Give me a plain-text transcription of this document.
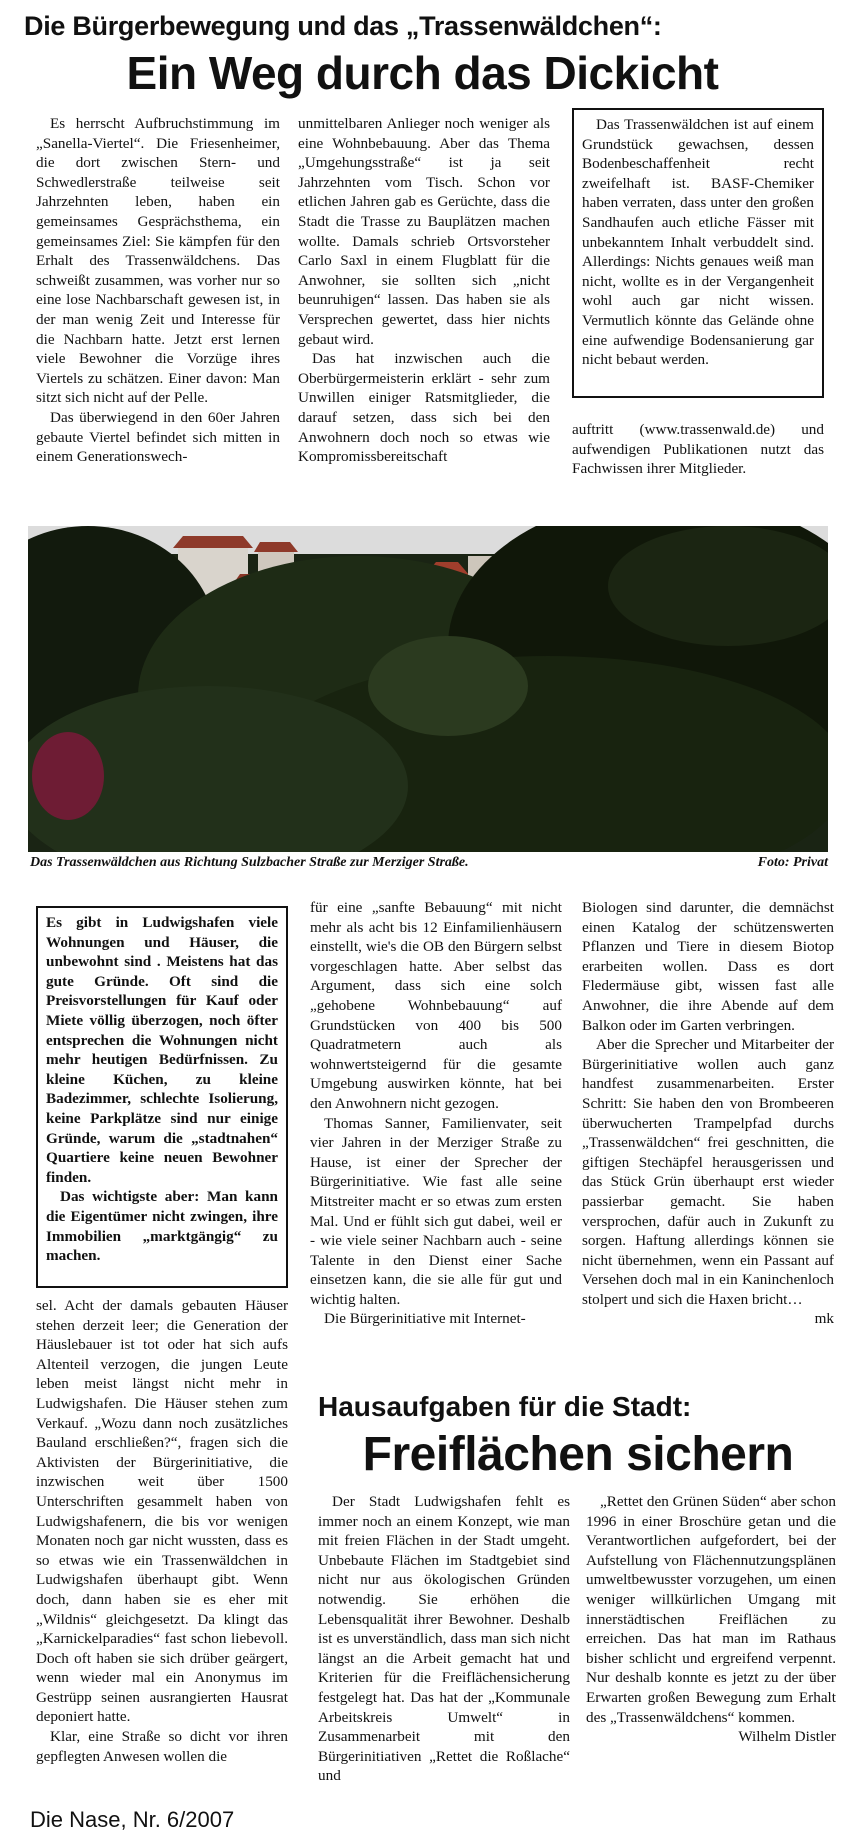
Die Bürgerbewegung und das „Trassenwäldchen“:
Ein Weg durch das Dickicht

Es herrscht Aufbruchstimmung im „Sanella-Viertel“. Die Friesenheimer, die dort zwischen Stern- und Schwedlerstraße teilweise seit Jahrzehnten leben, haben ein gemeinsames Gesprächsthema, ein gemeinsames Ziel: Sie kämpfen für den Erhalt des Trassenwäldchens. Das schweißt zusammen, was vorher nur so eine lose Nachbarschaft gewesen ist, in der man wenig Zeit und Interesse für die Nachbarn hatte. Jetzt erst lernen viele Bewohner die Vorzüge ihres Viertels zu schätzen. Einer davon: Man sitzt sich nicht auf der Pelle.

Das überwiegend in den 60er Jahren gebaute Viertel befindet sich mitten in einem Generationswech-

unmittelbaren Anlieger noch weniger als eine Wohnbebauung. Aber das Thema „Umgehungsstraße“ ist ja seit Jahrzehnten vom Tisch. Schon vor etlichen Jahren gab es Gerüchte, dass die Stadt die Trasse zu Bauplätzen machen wollte. Damals schrieb Ortsvorsteher Carlo Saxl in einem Flugblatt für die Anwohner, sie sollten sich „nicht beunruhigen“ lassen. Das haben sie als Versprechen gewertet, dass hier nichts gebaut wird.

Das hat inzwischen auch die Oberbürgermeisterin erklärt - sehr zum Unwillen einiger Ratsmitglieder, die darauf setzen, dass sich bei den Anwohnern doch noch so etwas wie Kompromissbereitschaft

Das Trassenwäldchen ist auf einem Grundstück gewachsen, dessen Bodenbeschaffenheit recht zweifelhaft ist. BASF-Chemiker haben verraten, dass unter den großen Sandhaufen auch etliche Fässer mit unbekanntem Inhalt verbuddelt sind. Allerdings: Nichts genaues weiß man nicht, wollte es in der Vergangenheit wohl auch gar nicht wissen. Vermutlich könnte das Gelände ohne eine aufwendige Bodensanierung gar nicht bebaut werden.

auftritt (www.trassenwald.de) und aufwendigen Publikationen nutzt das Fachwissen ihrer Mitglieder.

Das Trassenwäldchen aus Richtung Sulzbacher Straße zur Merziger Straße.	Foto: Privat

Es gibt in Ludwigshafen viele Wohnungen und Häuser, die unbewohnt sind . Meistens hat das gute Gründe. Oft sind die Preisvorstellungen für Kauf oder Miete völlig überzogen, noch öfter entsprechen die Wohnungen nicht mehr heutigen Bedürfnissen. Zu kleine Küchen, zu kleine Badezimmer, schlechte Isolierung, keine Parkplätze sind nur einige Gründe, warum die „stadtnahen“ Quartiere keine neuen Bewohner finden.

Das wichtigste aber: Man kann die Eigentümer nicht zwingen, ihre Immobilien „marktgängig“ zu machen.

sel. Acht der damals gebauten Häuser stehen derzeit leer; die Generation der Häuslebauer ist tot oder hat sich aufs Altenteil verzogen, die jungen Leute leben meist längst nicht mehr in Ludwigshafen. Die Häuser stehen zum Verkauf. „Wozu dann noch zusätzliches Bauland erschließen?“, fragen sich die Aktivisten der Bürgerinitiative, die inzwischen weit über 1500 Unterschriften gesammelt haben von Ludwigshafenern, die bis vor wenigen Monaten noch gar nicht wussten, dass es so etwas wie ein Trassenwäldchen in Ludwigshafen überhaupt gibt. Wenn doch, dann haben sie es eher mit „Wildnis“ gleichgesetzt. Da klingt das „Karnickelparadies“ fast schon liebevoll. Doch oft haben sie sich drüber geärgert, wenn wieder mal ein Anonymus im Gestrüpp seinen ausrangierten Hausrat deponiert hatte.

Klar, eine Straße so dicht vor ihren gepflegten Anwesen wollen die

für eine „sanfte Bebauung“ mit nicht mehr als acht bis 12 Einfamilienhäusern einstellt, wie's die OB den Bürgern selbst vorgeschlagen hatte. Aber selbst das Argument, dass sich eine solch „gehobene Wohnbebauung“ auf Grundstücken von 400 bis 500 Quadratmetern auch als wohnwertsteigernd für die gesamte Umgebung auswirken könnte, hat bei den Anwohnern nicht gezogen.

Thomas Sanner, Familienvater, seit vier Jahren in der Merziger Straße zu Hause, ist einer der Sprecher der Bürgerinitiative. Wie fast alle seine Mitstreiter macht er so etwas zum ersten Mal. Und er fühlt sich gut dabei, weil er - wie viele seiner Nachbarn auch - seine Talente in den Dienst einer Sache einsetzen kann, die sie alle für gut und wichtig halten.

Die Bürgerinitiative mit Internet-

Biologen sind darunter, die demnächst einen Katalog der schützenswerten Pflanzen und Tiere in diesem Biotop erarbeiten wollen. Dass es dort Fledermäuse gibt, wissen fast alle Anwohner, die ihre Abende auf dem Balkon oder im Garten verbringen.

Aber die Sprecher und Mitarbeiter der Bürgerinitiative wollen auch ganz handfest zusammenarbeiten. Erster Schritt: Sie haben den von Brombeeren überwucherten Trampelpfad durchs „Trassenwäldchen“ frei geschnitten, die giftigen Stechäpfel herausgerissen und das Stück Grün überhaupt erst wieder passierbar gemacht. Sie haben versprochen, dafür auch in Zukunft zu sorgen. Haftung allerdings können sie nicht übernehmen, wenn ein Passant auf Versehen doch mal in ein Kaninchenloch stolpert und sich die Haxen bricht…

mk

Hausaufgaben für die Stadt:
Freiflächen sichern

Der Stadt Ludwigshafen fehlt es immer noch an einem Konzept, wie man mit freien Flächen in der Stadt umgeht. Unbebaute Flächen im Stadtgebiet sind nicht nur aus ökologischen Gründen notwendig. Sie erhöhen die Lebensqualität ihrer Bewohner. Deshalb ist es unverständlich, dass man sich nicht längst an die Arbeit gemacht hat und Kriterien für die Freiflächensicherung festgelegt hat. Das hat der „Kommunale Arbeitskreis Umwelt“ in Zusammenarbeit mit den Bürgerinitiativen „Rettet die Roßlache“ und

„Rettet den Grünen Süden“ aber schon 1996 in einer Broschüre getan und die Verantwortlichen aufgefordert, bei der Aufstellung von Flächennutzungsplänen umweltbewusster vorzugehen, um einen weniger willkürlichen Umgang mit innerstädtischen Freiflächen zu erreichen. Das hat man im Rathaus bisher schlicht und ergreifend verpennt. Nur deshalb konnte es jetzt zu der über Erwarten großen Bewegung zum Erhalt des „Trassenwäldchens“ kommen.

Wilhelm Distler

Die Nase, Nr. 6/2007
